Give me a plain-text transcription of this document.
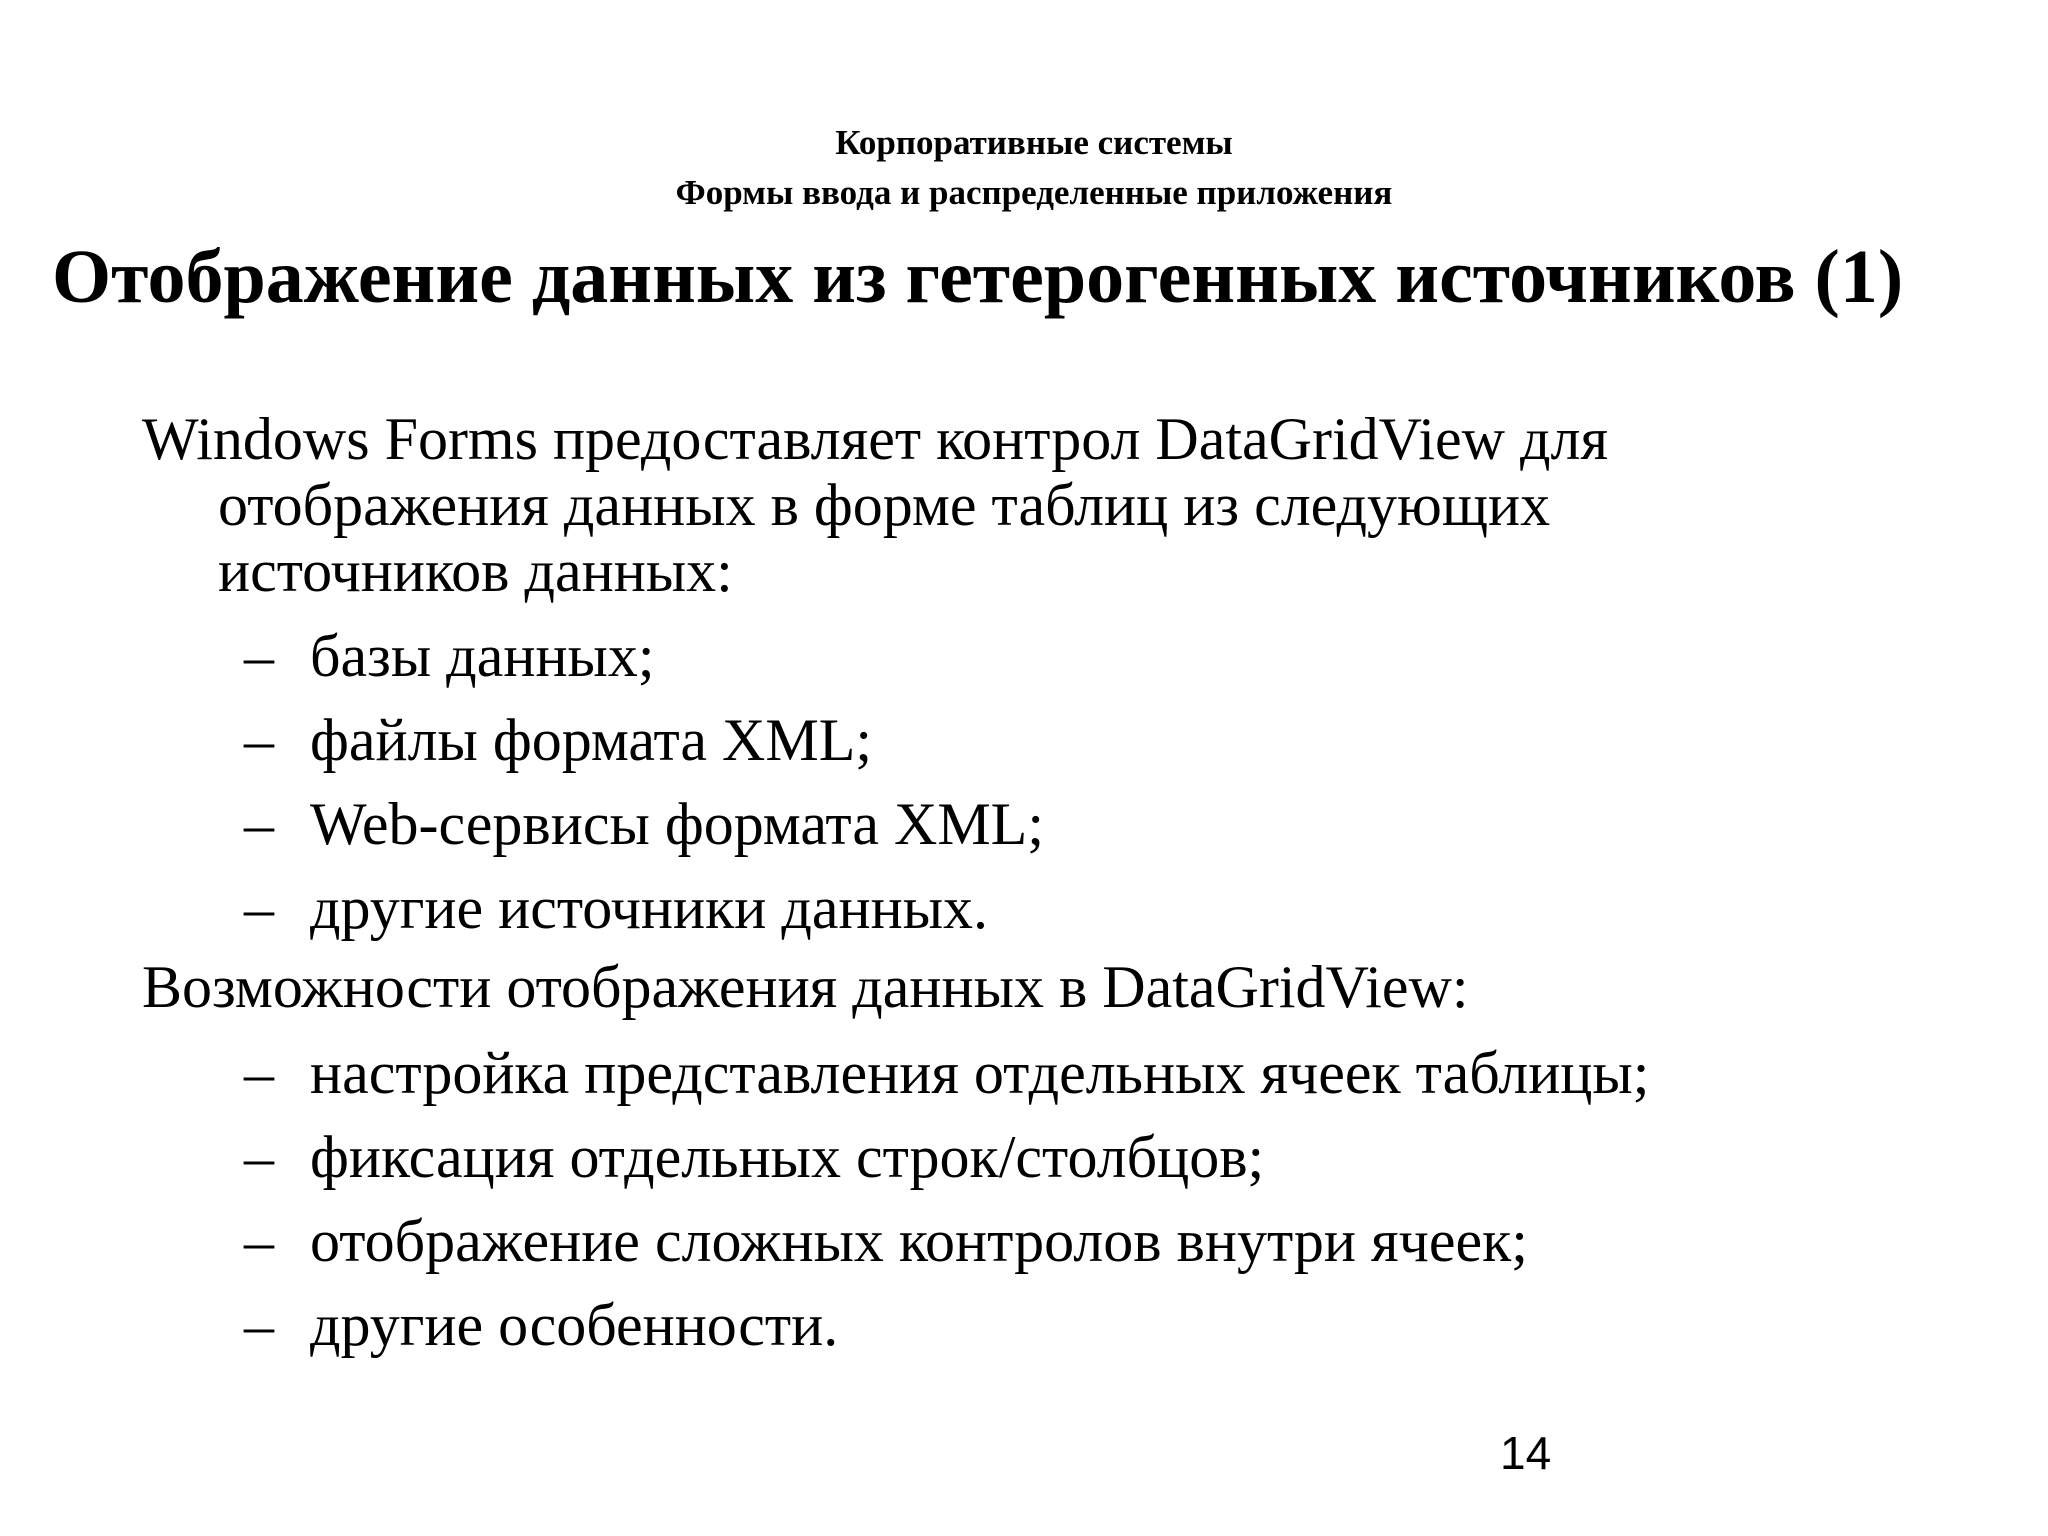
Корпоративные системы
Формы ввода и распределенные приложения
Отображение данных из гетерогенных источников (1)
Windows Forms предоставляет контрол DataGridView для
отображения данных в форме таблиц из следующих
источников данных:
– базы данных;
– файлы формата XML;
– Web-сервисы формата XML;
– другие источники данных.
Возможности отображения данных в DataGridView:
– настройка представления отдельных ячеек таблицы;
– фиксация отдельных строк/столбцов;
– отображение сложных контролов внутри ячеек;
– другие особенности.
14
